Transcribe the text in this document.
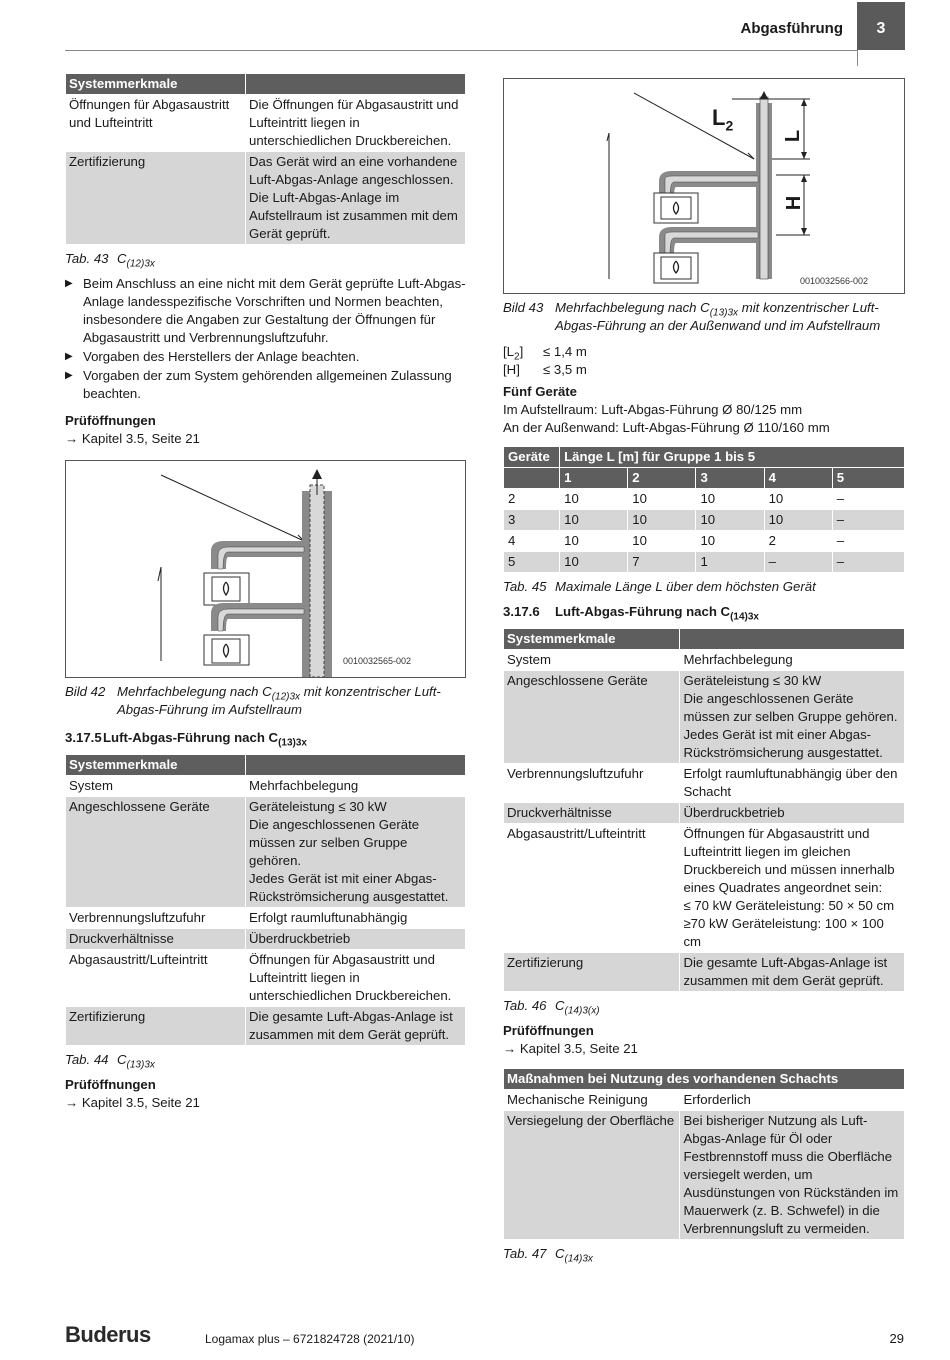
Abgasführung	3
Systemmerkmale	
Öffnungen für Abgasaustritt und Lufteintritt	Die Öffnungen für Abgasaustritt und Lufteintritt liegen in unterschiedlichen Druckbereichen.
Zertifizierung	Das Gerät wird an eine vorhandene Luft-Abgas-Anlage angeschlossen. Die Luft-Abgas-Anlage im Aufstellraum ist zusammen mit dem Gerät geprüft.
Tab. 43 $C_{(12)3x}$
▶ Beim Anschluss an eine nicht mit dem Gerät geprüfte Luft-Abgas-Anlage landesspezifische Vorschriften und Normen beachten, insbesondere die Angaben zur Gestaltung der Öffnungen für Abgasaustritt und Verbrennungsluftzufuhr.
▶ Vorgaben des Herstellers der Anlage beachten.
▶ Vorgaben der zum System gehörenden allgemeinen Zulassung beachten.
Prüföffnungen
→ Kapitel 3.5, Seite 21
0010032565-002
Bild 42 Mehrfachbelegung nach $C_{(12)3x}$ mit konzentrischer Luft-Abgas-Führung im Aufstellraum
3.17.5Luft-Abgas-Führung nach $C_{(13)3x}$
Systemmerkmale	
System	Mehrfachbelegung
Angeschlossene Geräte	Geräteleistung ≤ 30 kW
Die angeschlossenen Geräte müssen zur selben Gruppe gehören.
Jedes Gerät ist mit einer Abgas-Rückströmsicherung ausgestattet.
Verbrennungsluftzufuhr	Erfolgt raumluftunabhängig
Druckverhältnisse	Überdruckbetrieb
Abgasaustritt/Lufteintritt	Öffnungen für Abgasaustritt und Lufteintritt liegen in unterschiedlichen Druckbereichen.
Zertifizierung	Die gesamte Luft-Abgas-Anlage ist zusammen mit dem Gerät geprüft.
Tab. 44 $C_{(13)3x}$
Prüföffnungen
→ Kapitel 3.5, Seite 21
$L_2$
L
H
0010032566-002
Bild 43 Mehrfachbelegung nach $C_{(13)3x}$ mit konzentrischer Luft-Abgas-Führung an der Außenwand und im Aufstellraum
$[L_2]$	≤ 1,4 m
[H]	≤ 3,5 m
Fünf Geräte
Im Aufstellraum: Luft-Abgas-Führung Ø 80/125 mm
An der Außenwand: Luft-Abgas-Führung Ø 110/160 mm
Geräte	Länge L [m] für Gruppe 1 bis 5				
	1	2	3	4	5
2	10	10	10	10	–
3	10	10	10	10	–
4	10	10	10	2	–
5	10	7	1	–	–
Tab. 45 Maximale Länge L über dem höchsten Gerät
3.17.6 Luft-Abgas-Führung nach $C_{(14)3x}$
Systemmerkmale	
System	Mehrfachbelegung
Angeschlossene Geräte	Geräteleistung ≤ 30 kW
Die angeschlossenen Geräte müssen zur selben Gruppe gehören.
Jedes Gerät ist mit einer Abgas-Rückströmsicherung ausgestattet.
Verbrennungsluftzufuhr	Erfolgt raumluftunabhängig über den Schacht
Druckverhältnisse	Überdruckbetrieb
Abgasaustritt/Lufteintritt	Öffnungen für Abgasaustritt und Lufteintritt liegen im gleichen Druckbereich und müssen innerhalb eines Quadrates angeordnet sein:
≤ 70 kW Geräteleistung: 50 × 50 cm
≥70 kW Geräteleistung: 100 × 100 cm
Zertifizierung	Die gesamte Luft-Abgas-Anlage ist zusammen mit dem Gerät geprüft.
Tab. 46 $C_{(14)3(x)}$
Prüföffnungen
→ Kapitel 3.5, Seite 21
Maßnahmen bei Nutzung des vorhandenen Schachts	
Mechanische Reinigung	Erforderlich
Versiegelung der Oberfläche	Bei bisheriger Nutzung als Luft-Abgas-Anlage für Öl oder Festbrennstoff muss die Oberfläche versiegelt werden, um Ausdünstungen von Rückständen im Mauerwerk (z. B. Schwefel) in die Verbrennungsluft zu vermeiden.
Tab. 47 $C_{(14)3x}$
Buderus	Logamax plus – 6721824728 (2021/10)	29
